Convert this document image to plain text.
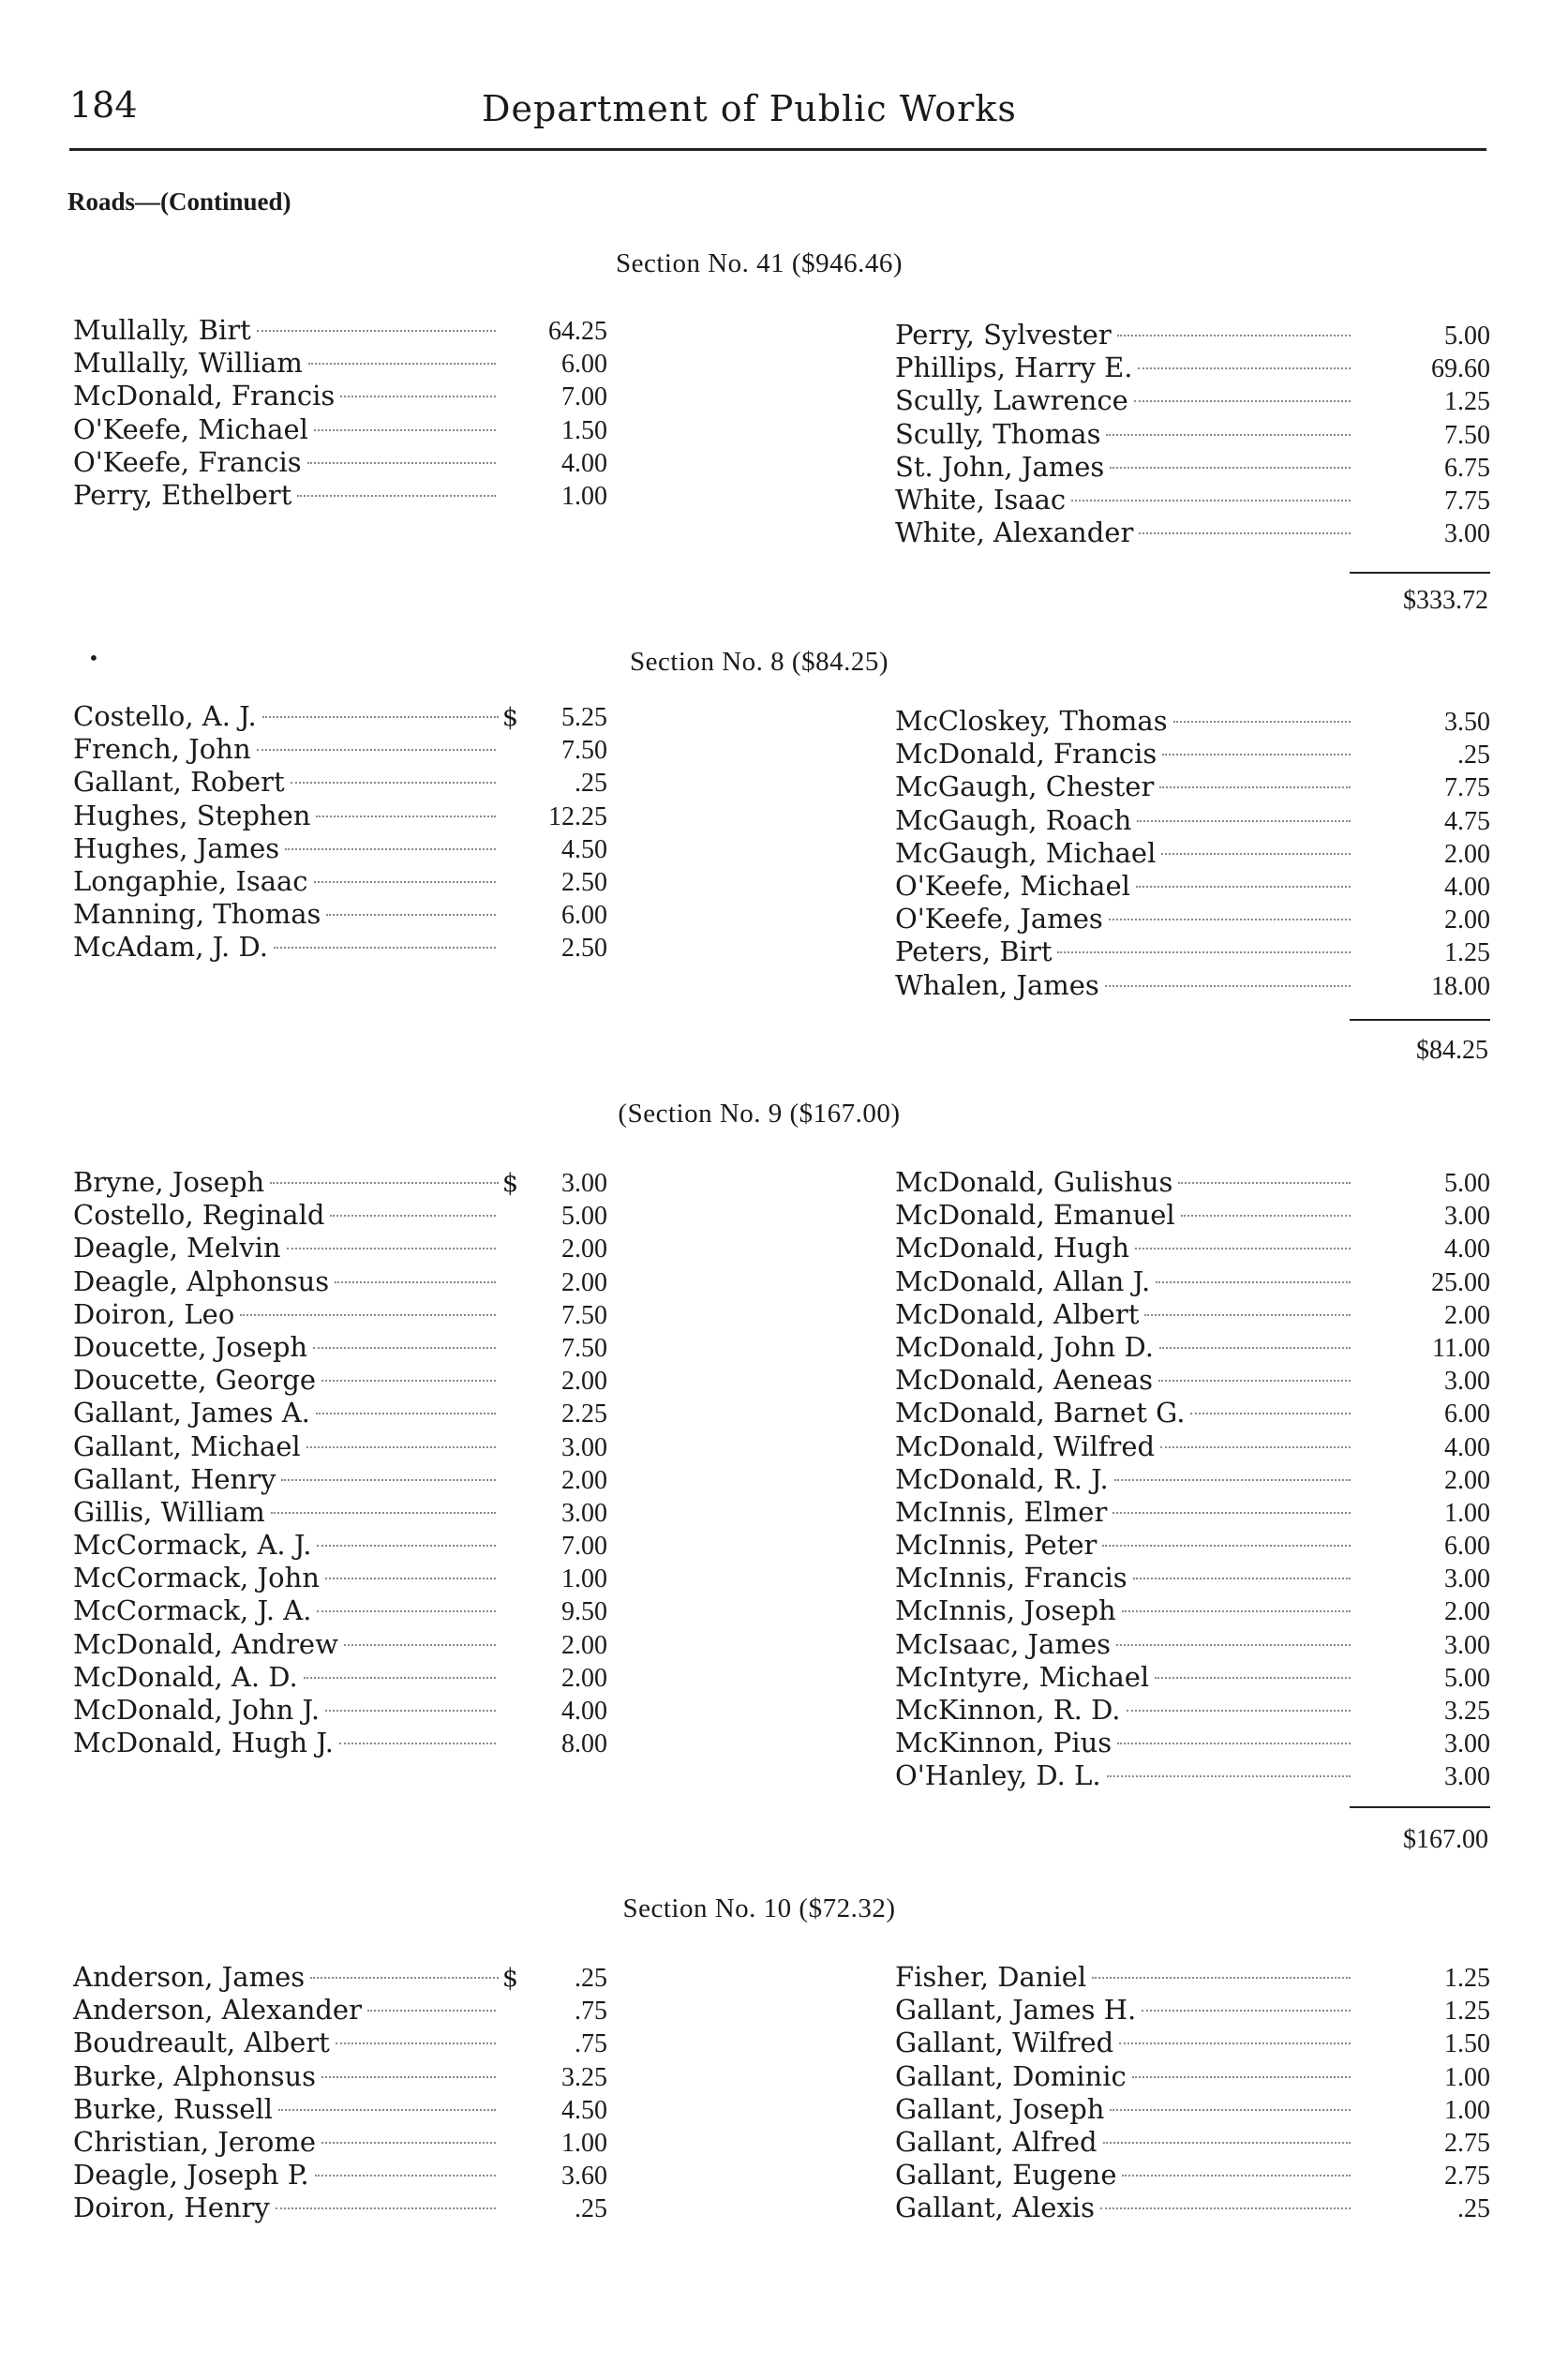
184	Department of Public Works
Roads—(Continued)
•
Section No. 41 ($946.46)
Mullally, Birt	64.25
Mullally, William	6.00
McDonald, Francis	7.00
O'Keefe, Michael	1.50
O'Keefe, Francis	4.00
Perry, Ethelbert	1.00
Perry, Sylvester	5.00
Phillips, Harry E.	69.60
Scully, Lawrence	1.25
Scully, Thomas	7.50
St. John, James	6.75
White, Isaac	7.75
White, Alexander	3.00
$333.72
Section No. 8 ($84.25)
Costello, A. J.	$	5.25
French, John	7.50
Gallant, Robert	.25
Hughes, Stephen	12.25
Hughes, James	4.50
Longaphie, Isaac	2.50
Manning, Thomas	6.00
McAdam, J. D.	2.50
McCloskey, Thomas	3.50
McDonald, Francis	.25
McGaugh, Chester	7.75
McGaugh, Roach	4.75
McGaugh, Michael	2.00
O'Keefe, Michael	4.00
O'Keefe, James	2.00
Peters, Birt	1.25
Whalen, James	18.00
$84.25
(Section No. 9 ($167.00)
Bryne, Joseph	$	3.00
Costello, Reginald	5.00
Deagle, Melvin	2.00
Deagle, Alphonsus	2.00
Doiron, Leo	7.50
Doucette, Joseph	7.50
Doucette, George	2.00
Gallant, James A.	2.25
Gallant, Michael	3.00
Gallant, Henry	2.00
Gillis, William	3.00
McCormack, A. J.	7.00
McCormack, John	1.00
McCormack, J. A.	9.50
McDonald, Andrew	2.00
McDonald, A. D.	2.00
McDonald, John J.	4.00
McDonald, Hugh J.	8.00
McDonald, Gulishus	5.00
McDonald, Emanuel	3.00
McDonald, Hugh	4.00
McDonald, Allan J.	25.00
McDonald, Albert	2.00
McDonald, John D.	11.00
McDonald, Aeneas	3.00
McDonald, Barnet G.	6.00
McDonald, Wilfred	4.00
McDonald, R. J.	2.00
McInnis, Elmer	1.00
McInnis, Peter	6.00
McInnis, Francis	3.00
McInnis, Joseph	2.00
McIsaac, James	3.00
McIntyre, Michael	5.00
McKinnon, R. D.	3.25
McKinnon, Pius	3.00
O'Hanley, D. L.	3.00
$167.00
Section No. 10 ($72.32)
Anderson, James	$	.25
Anderson, Alexander	.75
Boudreault, Albert	.75
Burke, Alphonsus	3.25
Burke, Russell	4.50
Christian, Jerome	1.00
Deagle, Joseph P.	3.60
Doiron, Henry	.25
Fisher, Daniel	1.25
Gallant, James H.	1.25
Gallant, Wilfred	1.50
Gallant, Dominic	1.00
Gallant, Joseph	1.00
Gallant, Alfred	2.75
Gallant, Eugene	2.75
Gallant, Alexis	.25
